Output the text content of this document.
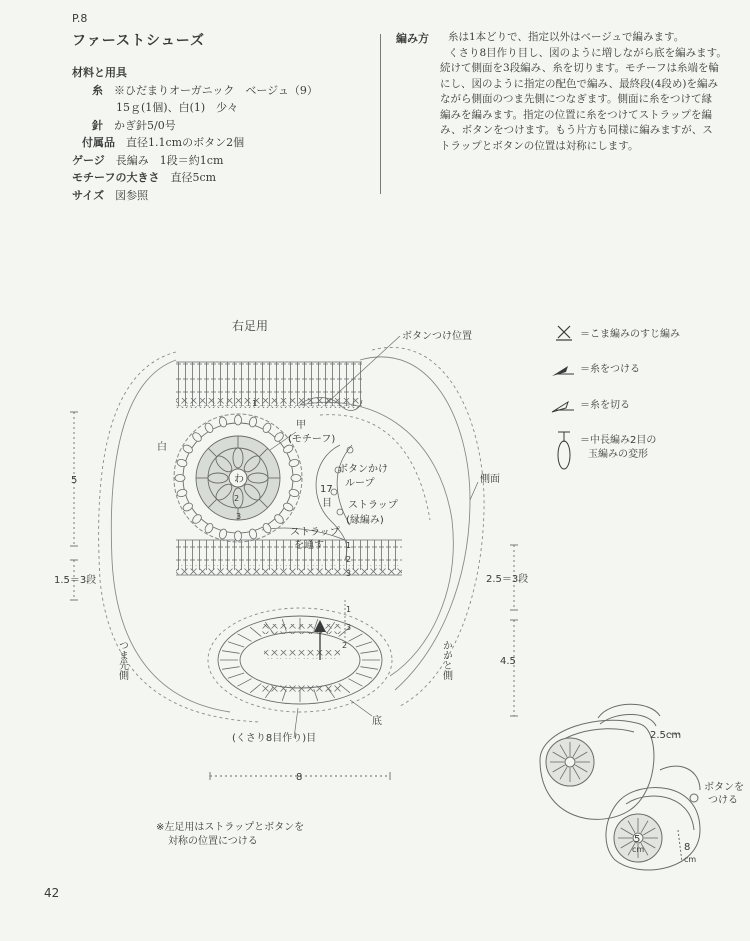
P.8
ファーストシューズ
材料と用具
糸　 ※ひだまりオーガニック　ベージュ（9）
15ｇ(1個)、白(1)　少々
針　 かぎ針5/0号
付属品　 直径1.1cmのボタン2個
ゲージ　 長編み　1段＝約1cm
モチーフの大きさ　 直径5cm
サイズ　 図参照
編み方 糸は1本どりで、指定以外はベージュで編みます。
くさり8目作り目し、図のように増しながら底を編みます。
続けて側面を3段編み、糸を切ります。モチーフは糸端を輪
にし、図のように指定の配色で編み、最終段(4段め)を編み
ながら側面のつま先側につなぎます。側面に糸をつけて縁
編みを編みます。指定の位置に糸をつけてストラップを編
み、ボタンをつけます。もう片方も同様に編みますが、ス
トラップとボタンの位置は対称にします。
右足用
ボタンつけ位置
甲
(モチーフ)
白
ボタンかけ
ループ
17
目 ストラップ
(縁編み)
ストラップ
を通す
側面
底
(くさり8目作り)目
わ
つま先側	かかと側
5
1.5＝3段	2.5＝3段
4.5
8
1
2
3
1
2
3
1
2
3
＝こま編みのすじ編み
＝糸をつける
＝糸を切る
＝中長編み2目の
玉編みの変形
※左足用はストラップとボタンを
対称の位置につける
2.5cm
5
cm	8
cm
ボタンを
つける
42
